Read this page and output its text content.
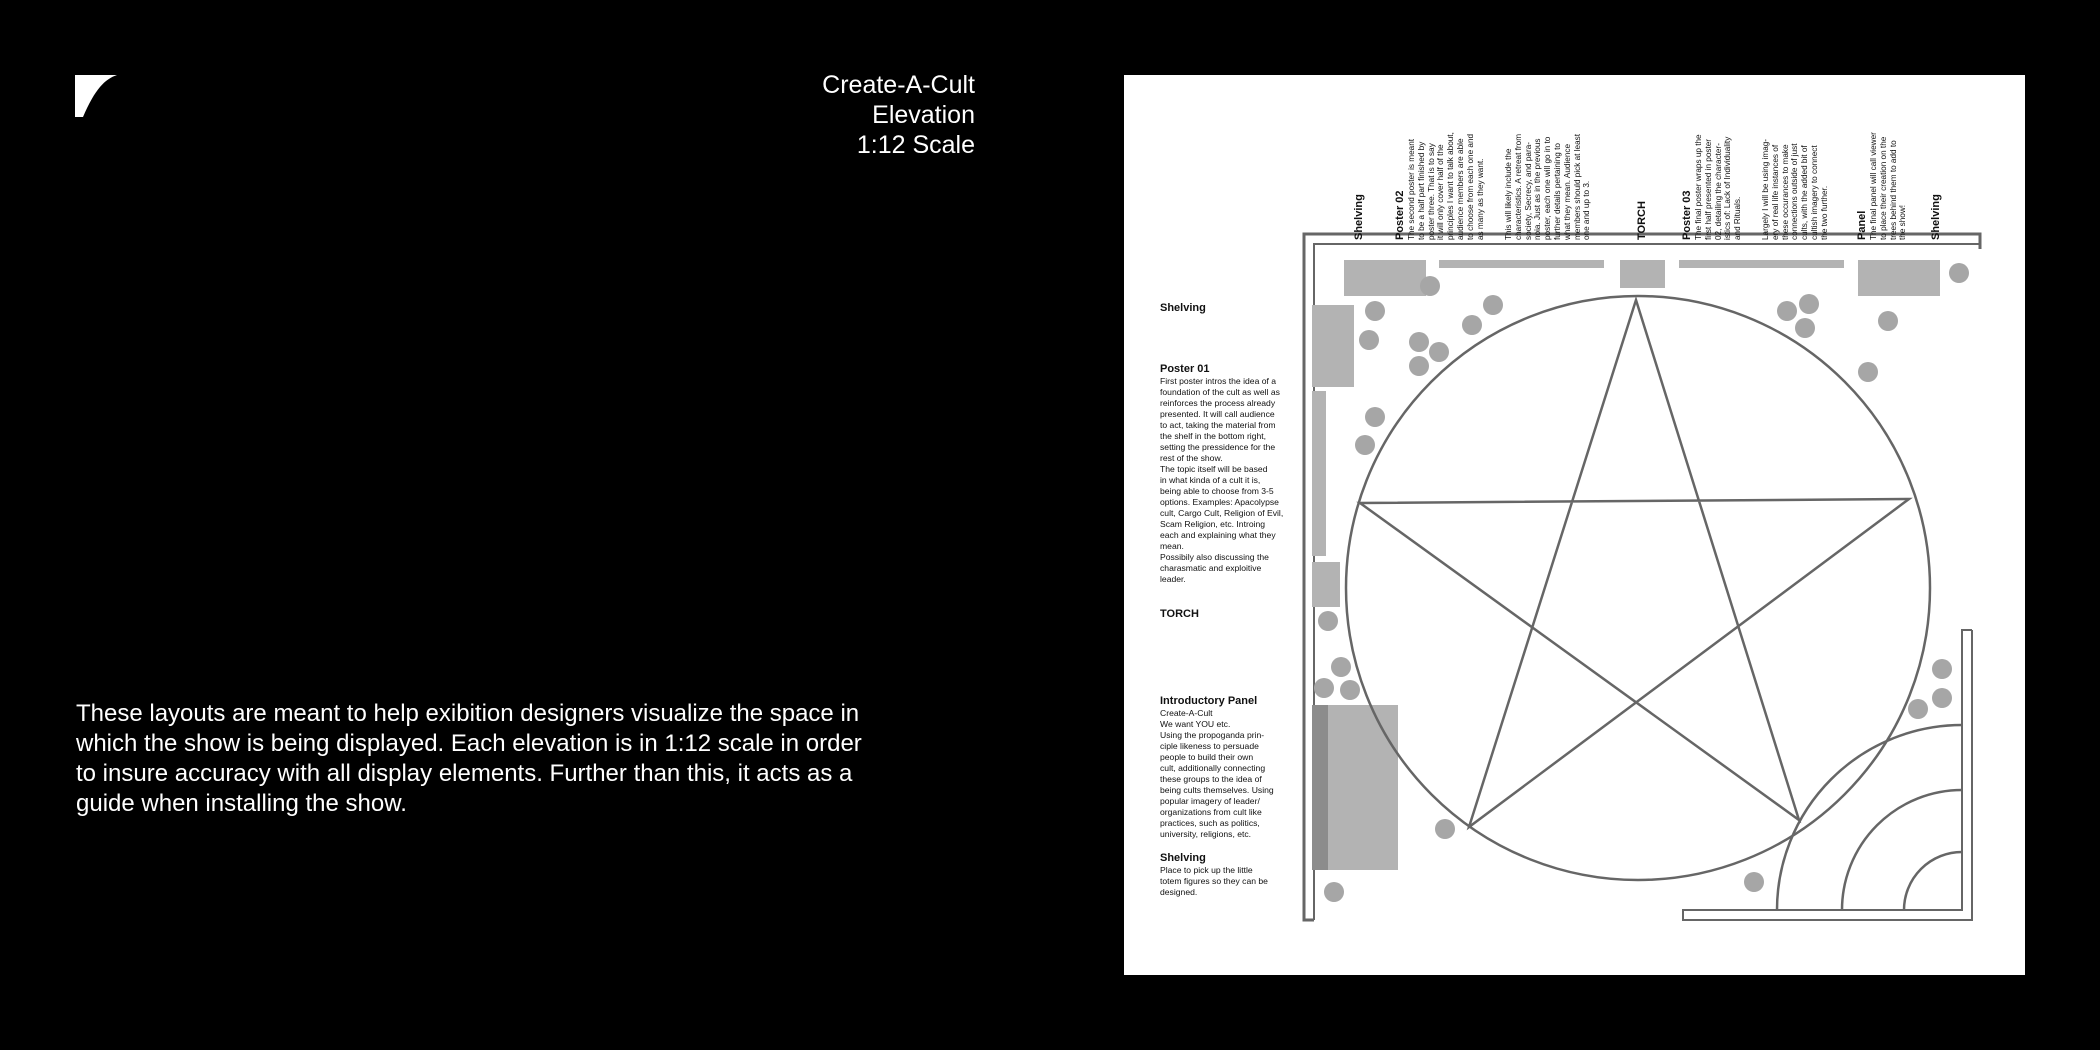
Create-A-Cult
Elevation
1:12 Scale
These layouts are meant to help exibition designers visualize the space in which the show is being displayed. Each elevation is in 1:12 scale in order to insure accuracy with all display elements. Further than this, it acts as a guide when installing the show.
Shelving
Poster 01
First poster intros the idea of a
foundation of the cult as well as
reinforces the process already
presented. It will call audience
to act, taking the material from
the shelf in the bottom right,
setting the pressidence for the
rest of the show.
The topic itself will be based
in what kinda of a cult it is,
being able to choose from 3-5
options. Examples: Apacolypse
cult, Cargo Cult, Religion of Evil,
Scam Religion, etc. Introing
each and explaining what they
mean.
Possibily also discussing the
charasmatic and exploitive
leader.
TORCH
Introductory Panel
Create-A-Cult
We want YOU etc.
Using the propoganda prin-
ciple likeness to persuade
people to build their own
cult, additionally connecting
these groups to the idea of
being cults themselves. Using
popular imagery of leader/
organizations from cult like
practices, such as politics,
university, religions, etc.
Shelving
Place to pick up the little
totem figures so they can be
designed.
Shelving	Poster 02 The second poster is meant
to be a half part finished by
poster three. That is to say
it will only cover half of the
principles I want to talk about,
audience members are able
to choose from each one and
as many as they want.
This will likely include the
characteristics. A retreat from
society, Secrecy, and para-
noia. Just as in the previous
poster, each one will go in to
further details pertaining to
what they mean. Audience
members should pick at least
one and up to 3.
TORCH	Poster 03 The final poster wraps up the
first half presented in poster
02, detailing the character-
istics of: Lack of Individuality
and Rituals.
Largely I will be using imag-
ery of real life instances of
these occurances to make
connections outside of just
cults, with the added bit of
cultish imagery to connect
the two further.
Panel The final panel will call viewer
to place their creation on the
trees behind them to add to
the show! Shelving
